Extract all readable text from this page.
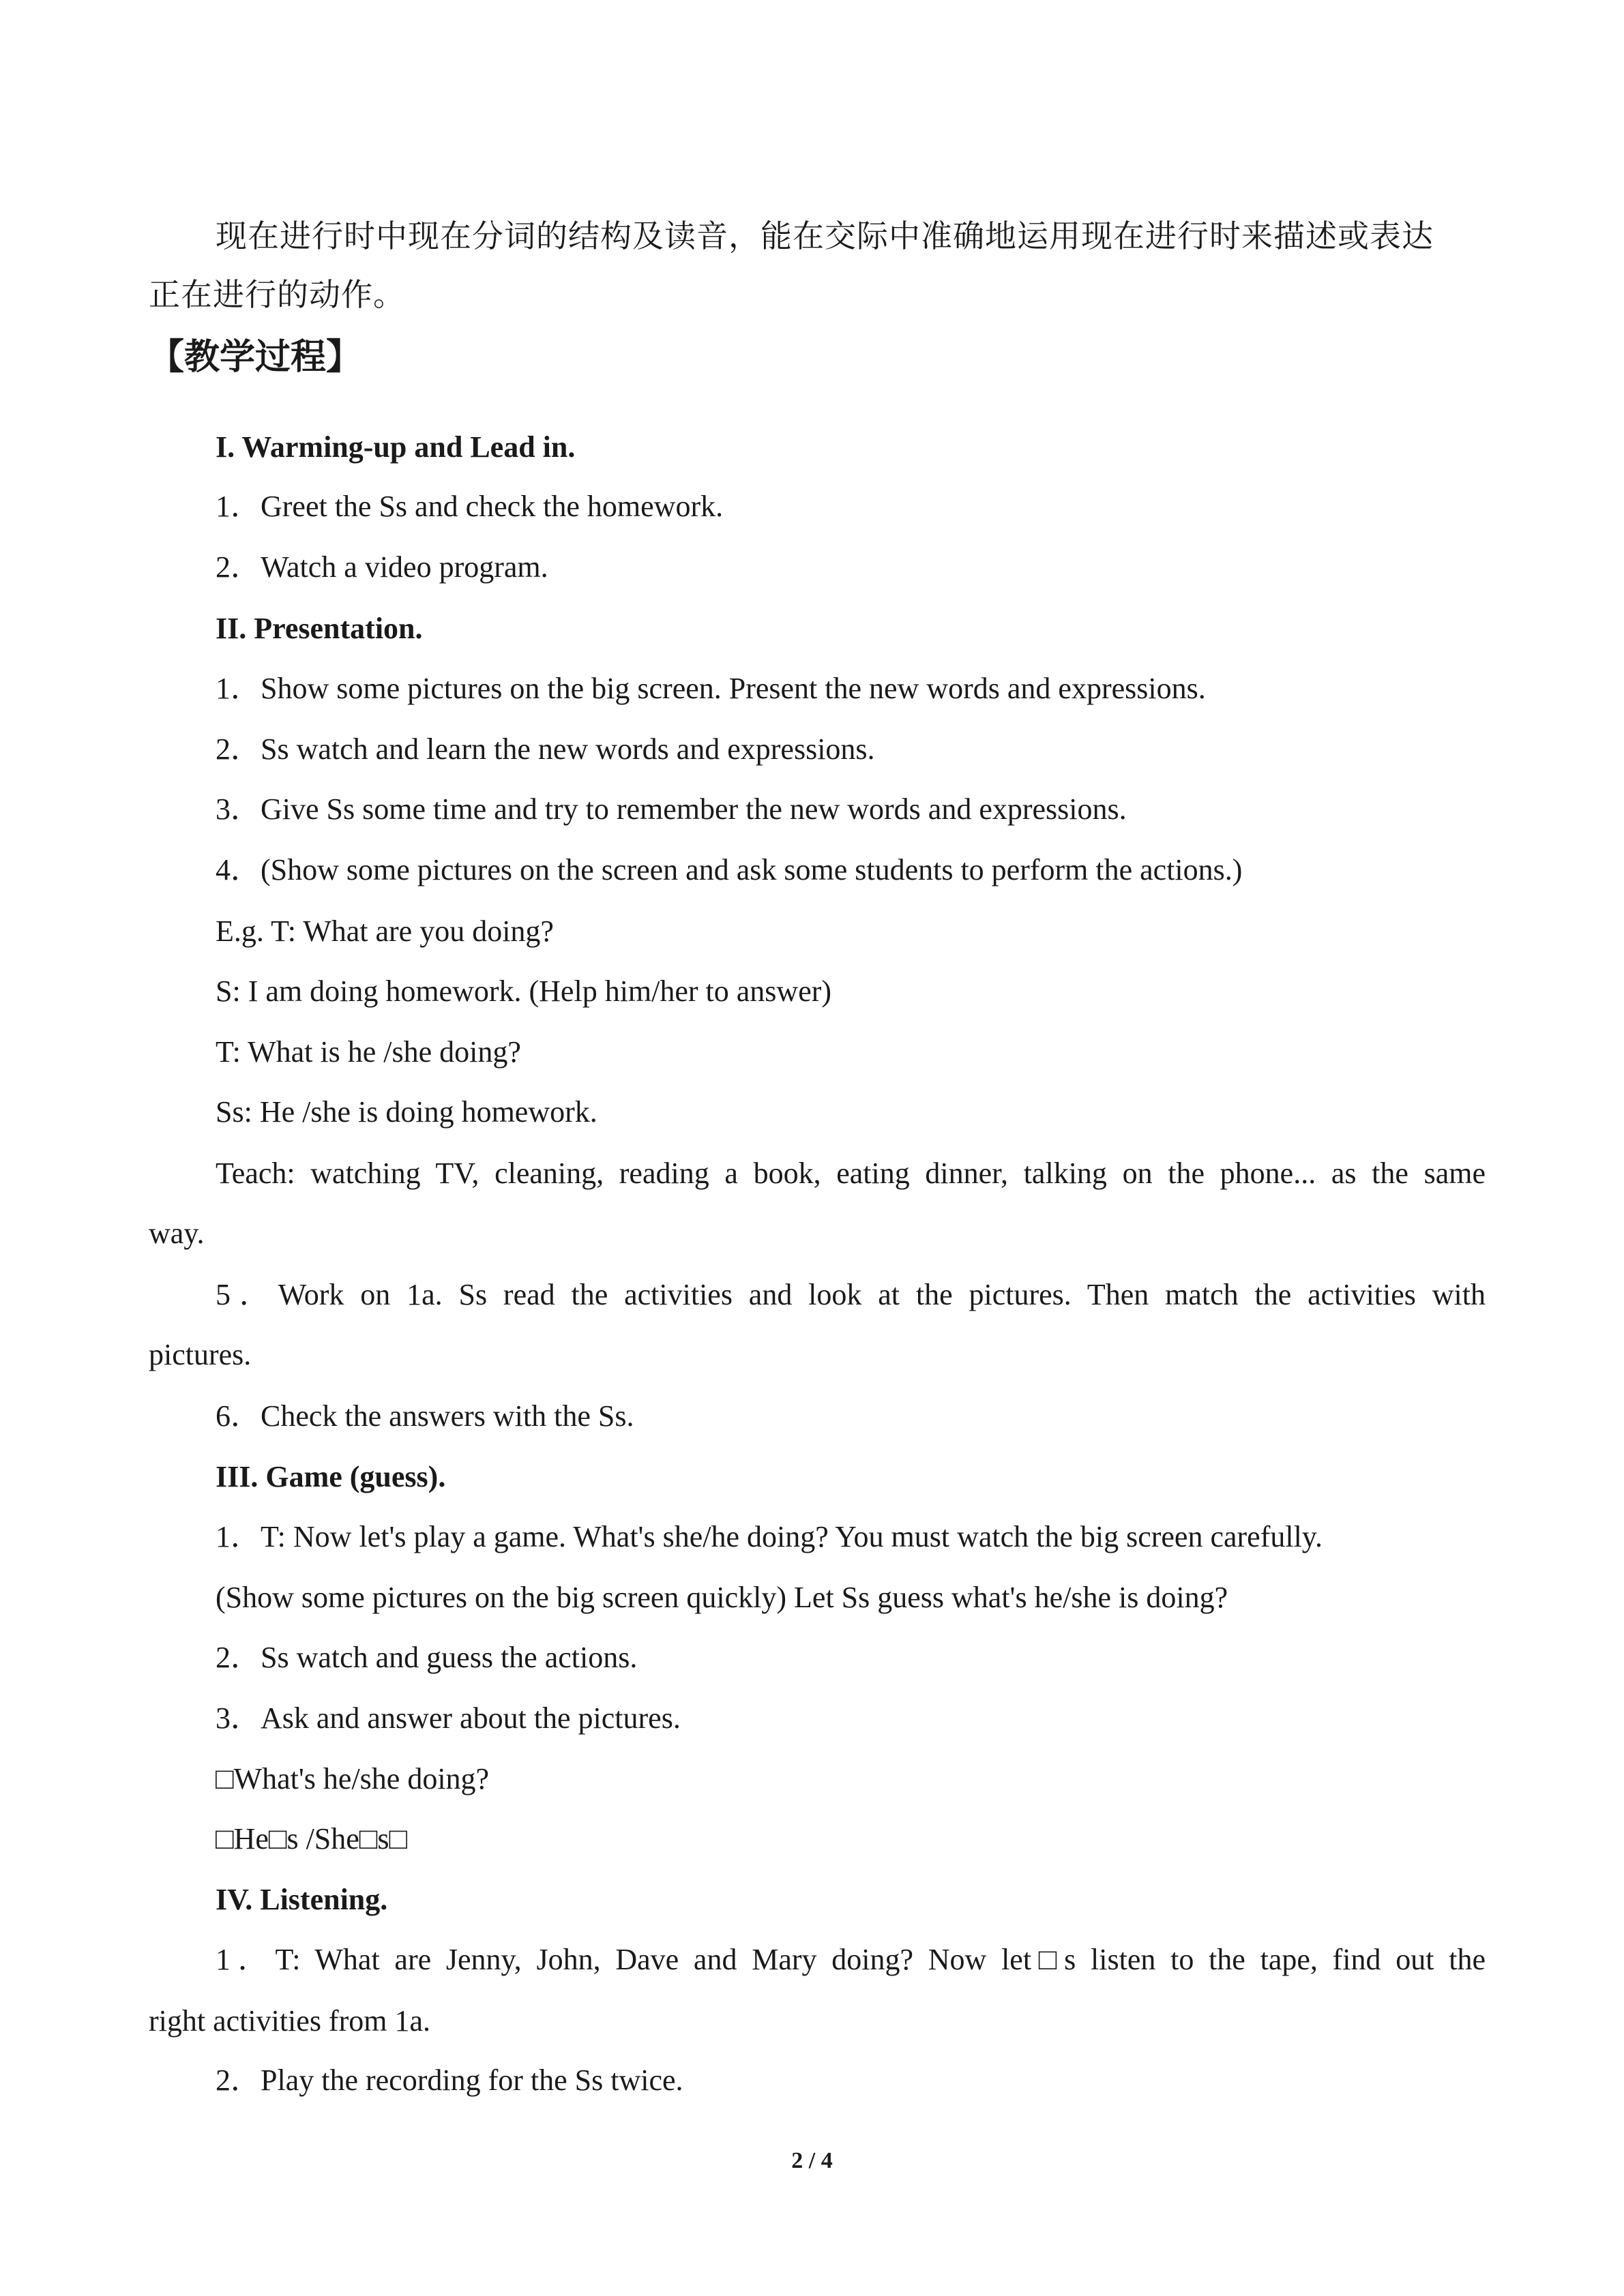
现在进行时中现在分词的结构及读音，能在交际中准确地运用现在进行时来描述或表达
正在进行的动作。
【教学过程】
I. Warming-up and Lead in.
1．Greet the Ss and check the homework.
2．Watch a video program.
II. Presentation.
1．Show some pictures on the big screen. Present the new words and expressions.
2．Ss watch and learn the new words and expressions.
3．Give Ss some time and try to remember the new words and expressions.
4．(Show some pictures on the screen and ask some students to perform the actions.)
E.g. T: What are you doing?
S: I am doing homework. (Help him/her to answer)
T: What is he /she doing?
Ss: He /she is doing homework.
Teach: watching TV, cleaning, reading a book, eating dinner, talking on the phone... as the same
way.
5．Work on 1a. Ss read the activities and look at the pictures. Then match the activities with
pictures.
6．Check the answers with the Ss.
III. Game (guess).
1．T: Now let's play a game. What's she/he doing? You must watch the big screen carefully.
(Show some pictures on the big screen quickly) Let Ss guess what's he/she is doing?
2．Ss watch and guess the actions.
3．Ask and answer about the pictures.
□What's he/she doing?
□He□s /She□s□
IV. Listening.
1．T: What are Jenny, John, Dave and Mary doing? Now let□s listen to the tape, find out the
right activities from 1a.
2．Play the recording for the Ss twice.
2 / 4
